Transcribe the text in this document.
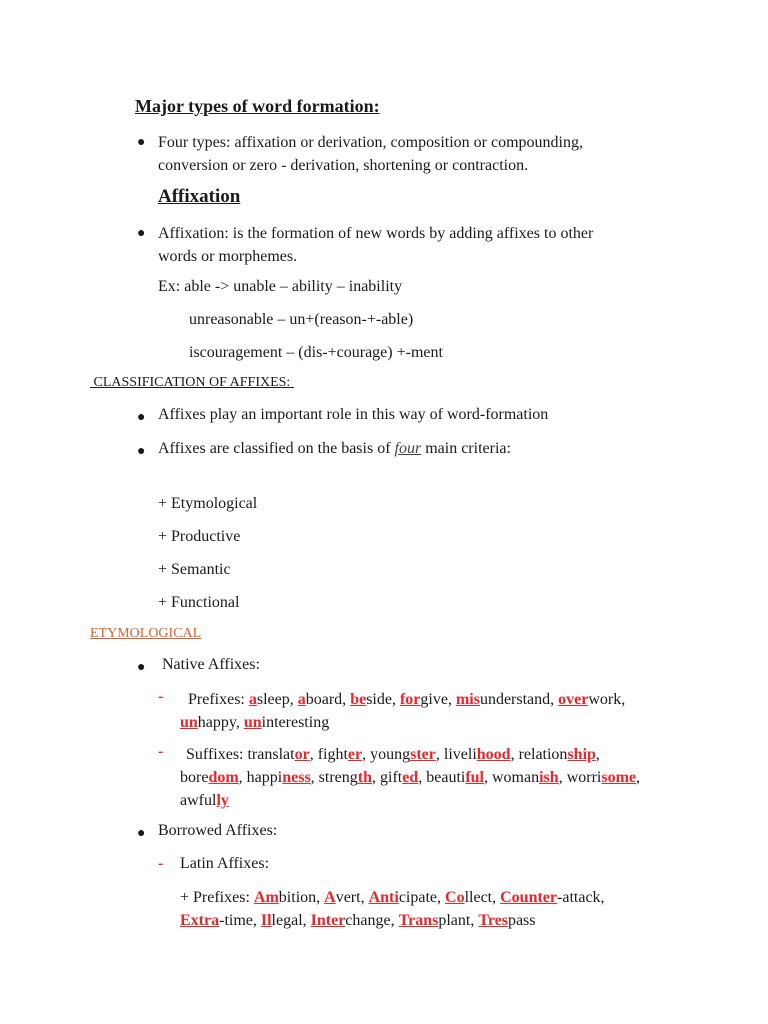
Major types of word formation:
● Four types: affixation or derivation, composition or compounding,
conversion or zero - derivation, shortening or contraction.
Affixation
● Affixation: is the formation of new words by adding affixes to other
words or morphemes.
Ex: able -> unable – ability – inability
unreasonable – un+(reason-+-able)
iscouragement – (dis-+courage) +-ment
CLASSIFICATION OF AFFIXES:
● Affixes play an important role in this way of word-formation
● Affixes are classified on the basis of four main criteria:
+ Etymological
+ Productive
+ Semantic
+ Functional
ETYMOLOGICAL
● Native Affixes:
-	Prefixes: asleep, aboard, beside, forgive, misunderstand, overwork,
unhappy, uninteresting
-	Suffixes: translator, fighter, youngster, livelihood, relationship,
boredom, happiness, strength, gifted, beautiful, womanish, worrisome,
awfully
● Borrowed Affixes:
- Latin Affixes:
+ Prefixes: Ambition, Avert, Anticipate, Collect, Counter-attack,
Extra-time, Illegal, Interchange, Transplant, Trespass
